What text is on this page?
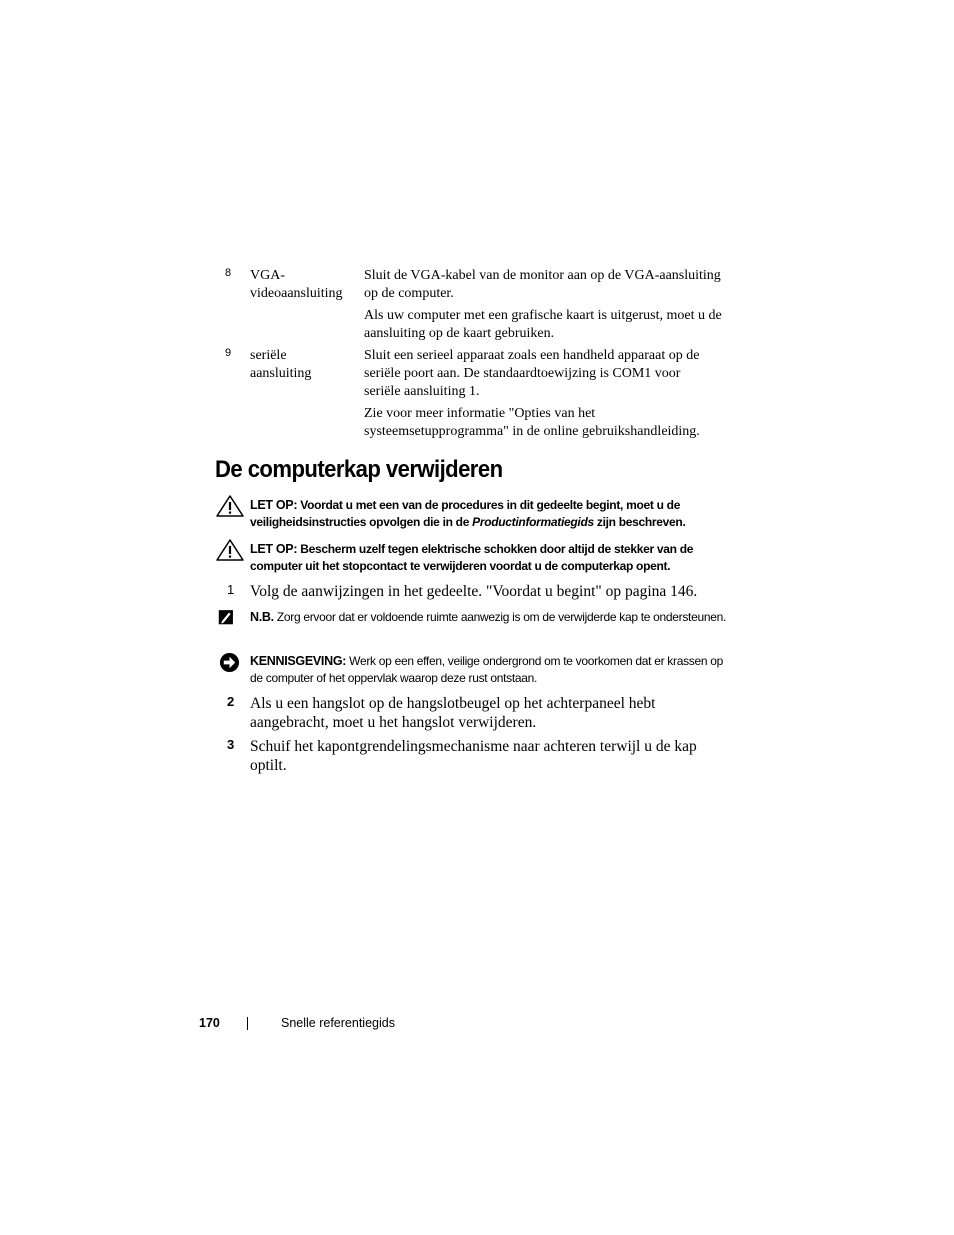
8 VGA-
videoaansluiting

Sluit de VGA-kabel van de monitor aan op de VGA-aansluiting op de computer.

Als uw computer met een grafische kaart is uitgerust, moet u de aansluiting op de kaart gebruiken.

9 seriële
aansluiting

Sluit een serieel apparaat zoals een handheld apparaat op de seriële poort aan. De standaardtoewijzing is COM1 voor seriële aansluiting 1.

Zie voor meer informatie "Opties van het systeemsetupprogramma" in de online gebruikshandleiding.

De computerkap verwijderen
LET OP: Voordat u met een van de procedures in dit gedeelte begint, moet u de veiligheidsinstructies opvolgen die in de Productinformatiegids zijn beschreven.
LET OP: Bescherm uzelf tegen elektrische schokken door altijd de stekker van de computer uit het stopcontact te verwijderen voordat u de computerkap opent.
1 Volg de aanwijzingen in het gedeelte. "Voordat u begint" op pagina 146.
N.B. Zorg ervoor dat er voldoende ruimte aanwezig is om de verwijderde kap te ondersteunen.
KENNISGEVING: Werk op een effen, veilige ondergrond om te voorkomen dat er krassen op de computer of het oppervlak waarop deze rust ontstaan.
2 Als u een hangslot op de hangslotbeugel op het achterpaneel hebt aangebracht, moet u het hangslot verwijderen.
3 Schuif het kapontgrendelingsmechanisme naar achteren terwijl u de kap optilt.
170	Snelle referentiegids
